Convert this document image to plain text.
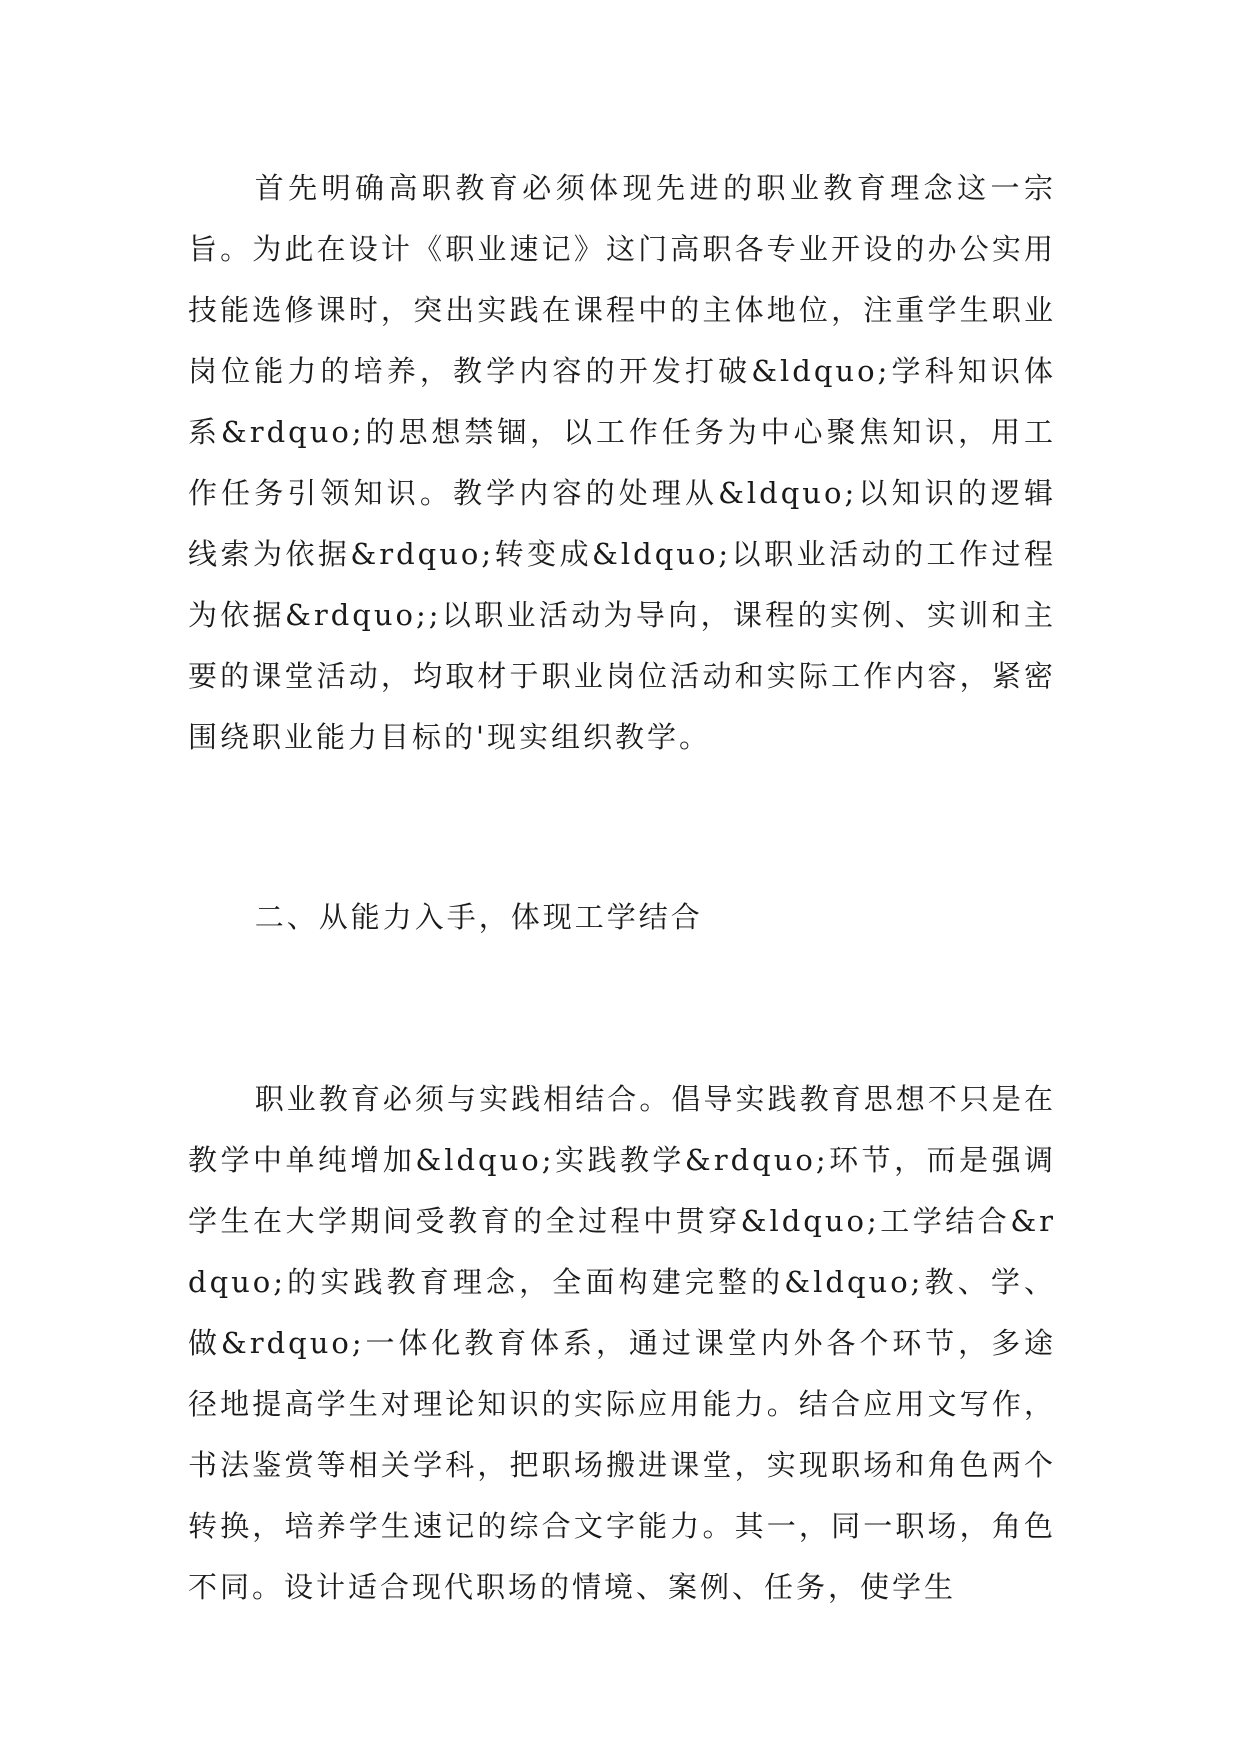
首先明确高职教育必须体现先进的职业教育理念这一宗旨。为此在设计《职业速记》这门高职各专业开设的办公实用技能选修课时，突出实践在课程中的主体地位，注重学生职业岗位能力的培养，教学内容的开发打破&ldquo;学科知识体系&rdquo;的思想禁锢，以工作任务为中心聚焦知识，用工作任务引领知识。教学内容的处理从&ldquo;以知识的逻辑线索为依据&rdquo;转变成&ldquo;以职业活动的工作过程为依据&rdquo;;以职业活动为导向，课程的实例、实训和主要的课堂活动，均取材于职业岗位活动和实际工作内容，紧密围绕职业能力目标的'现实组织教学。

二、从能力入手，体现工学结合

职业教育必须与实践相结合。倡导实践教育思想不只是在教学中单纯增加&ldquo;实践教学&rdquo;环节，而是强调学生在大学期间受教育的全过程中贯穿&ldquo;工学结合&rdquo;的实践教育理念，全面构建完整的&ldquo;教、学、做&rdquo;一体化教育体系，通过课堂内外各个环节，多途径地提高学生对理论知识的实际应用能力。结合应用文写作，书法鉴赏等相关学科，把职场搬进课堂，实现职场和角色两个转换，培养学生速记的综合文字能力。其一，同一职场，角色不同。设计适合现代职场的情境、案例、任务，使学生
